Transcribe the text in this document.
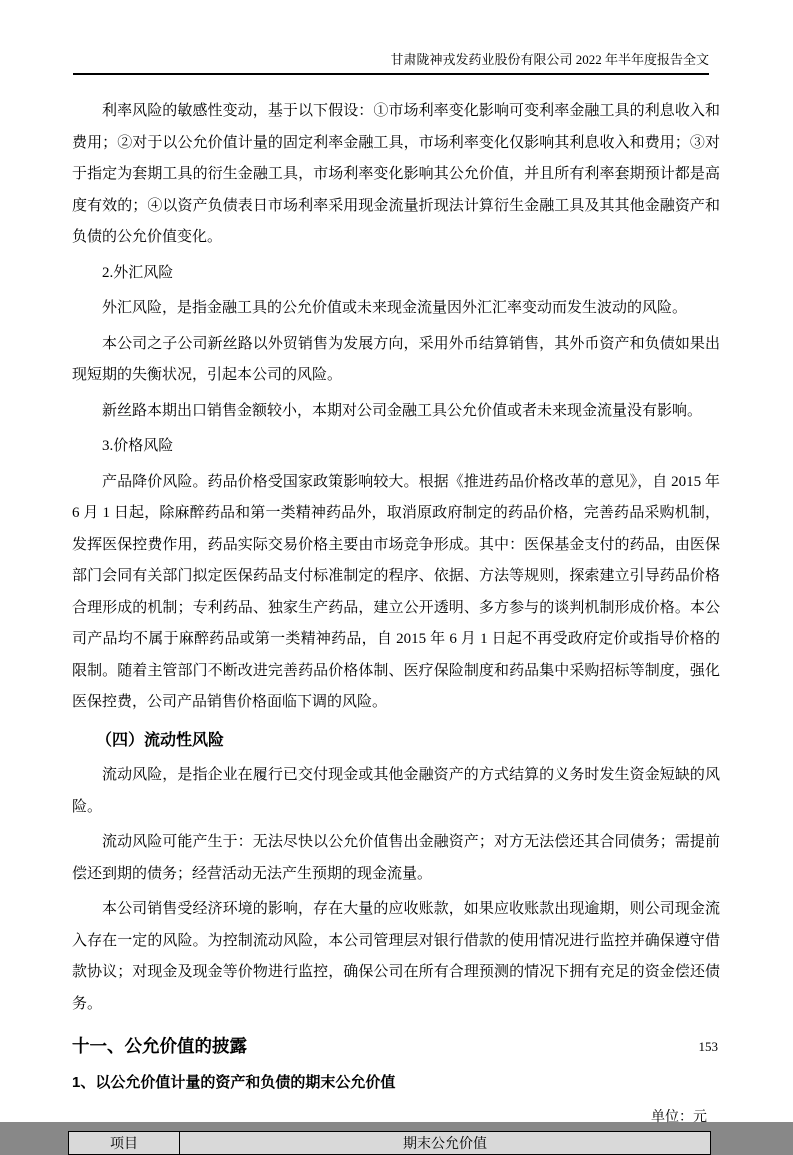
甘肃陇神戎发药业股份有限公司 2022 年半年度报告全文

利率风险的敏感性变动，基于以下假设：①市场利率变化影响可变利率金融工具的利息收入和费用；②对于以公允价值计量的固定利率金融工具，市场利率变化仅影响其利息收入和费用；③对于指定为套期工具的衍生金融工具，市场利率变化影响其公允价值，并且所有利率套期预计都是高度有效的；④以资产负债表日市场利率采用现金流量折现法计算衍生金融工具及其其他金融资产和负债的公允价值变化。

2.外汇风险

外汇风险，是指金融工具的公允价值或未来现金流量因外汇汇率变动而发生波动的风险。

本公司之子公司新丝路以外贸销售为发展方向，采用外币结算销售，其外币资产和负债如果出现短期的失衡状况，引起本公司的风险。

新丝路本期出口销售金额较小，本期对公司金融工具公允价值或者未来现金流量没有影响。

3.价格风险

产品降价风险。药品价格受国家政策影响较大。根据《推进药品价格改革的意见》，自 2015 年 6 月 1 日起，除麻醉药品和第一类精神药品外，取消原政府制定的药品价格，完善药品采购机制，发挥医保控费作用，药品实际交易价格主要由市场竞争形成。其中：医保基金支付的药品，由医保部门会同有关部门拟定医保药品支付标准制定的程序、依据、方法等规则，探索建立引导药品价格合理形成的机制；专利药品、独家生产药品，建立公开透明、多方参与的谈判机制形成价格。本公司产品均不属于麻醉药品或第一类精神药品，自 2015 年 6 月 1 日起不再受政府定价或指导价格的限制。随着主管部门不断改进完善药品价格体制、医疗保险制度和药品集中采购招标等制度，强化医保控费，公司产品销售价格面临下调的风险。

（四）流动性风险

流动风险，是指企业在履行已交付现金或其他金融资产的方式结算的义务时发生资金短缺的风险。

流动风险可能产生于：无法尽快以公允价值售出金融资产；对方无法偿还其合同债务；需提前偿还到期的债务；经营活动无法产生预期的现金流量。

本公司销售受经济环境的影响，存在大量的应收账款，如果应收账款出现逾期，则公司现金流入存在一定的风险。为控制流动风险，本公司管理层对银行借款的使用情况进行监控并确保遵守借款协议；对现金及现金等价物进行监控，确保公司在所有合理预测的情况下拥有充足的资金偿还债务。

十一、公允价值的披露

1、以公允价值计量的资产和负债的期末公允价值

单位：元

项目	期末公允价值
153
